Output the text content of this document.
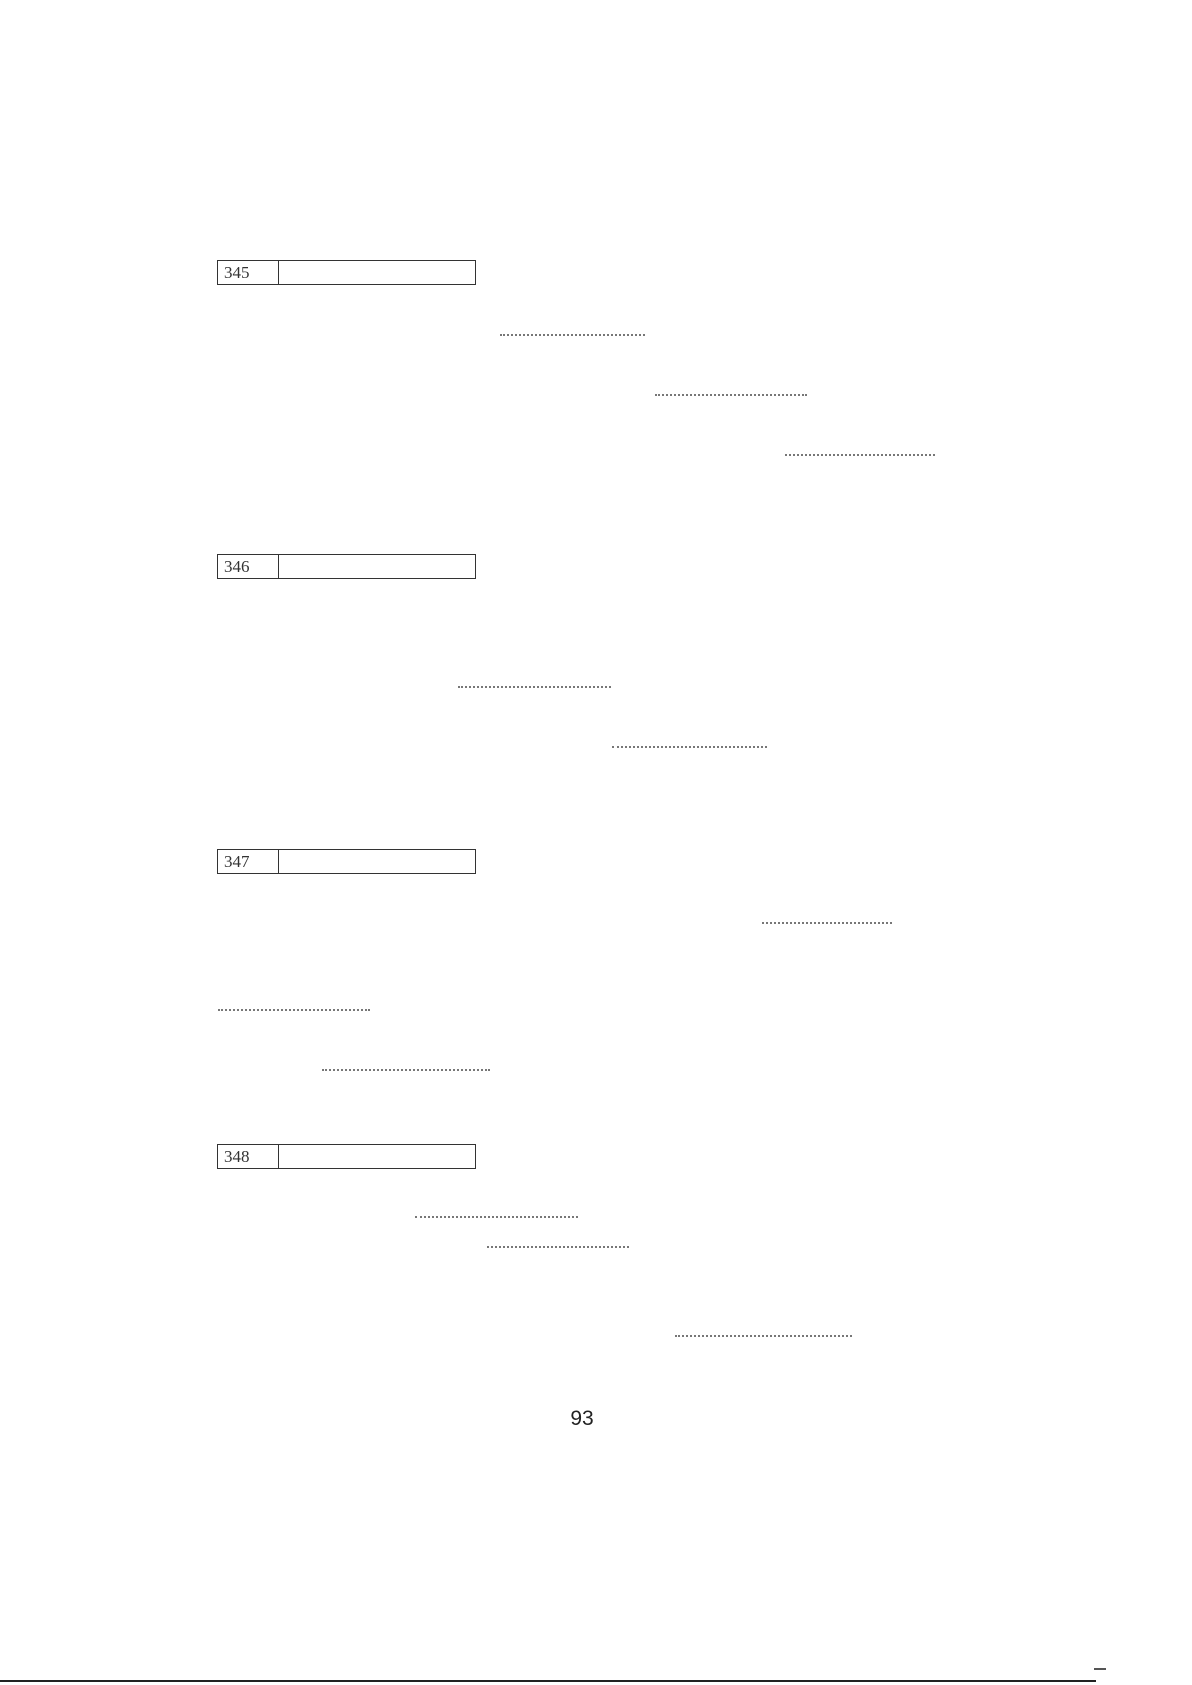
345
346
347
348
93
